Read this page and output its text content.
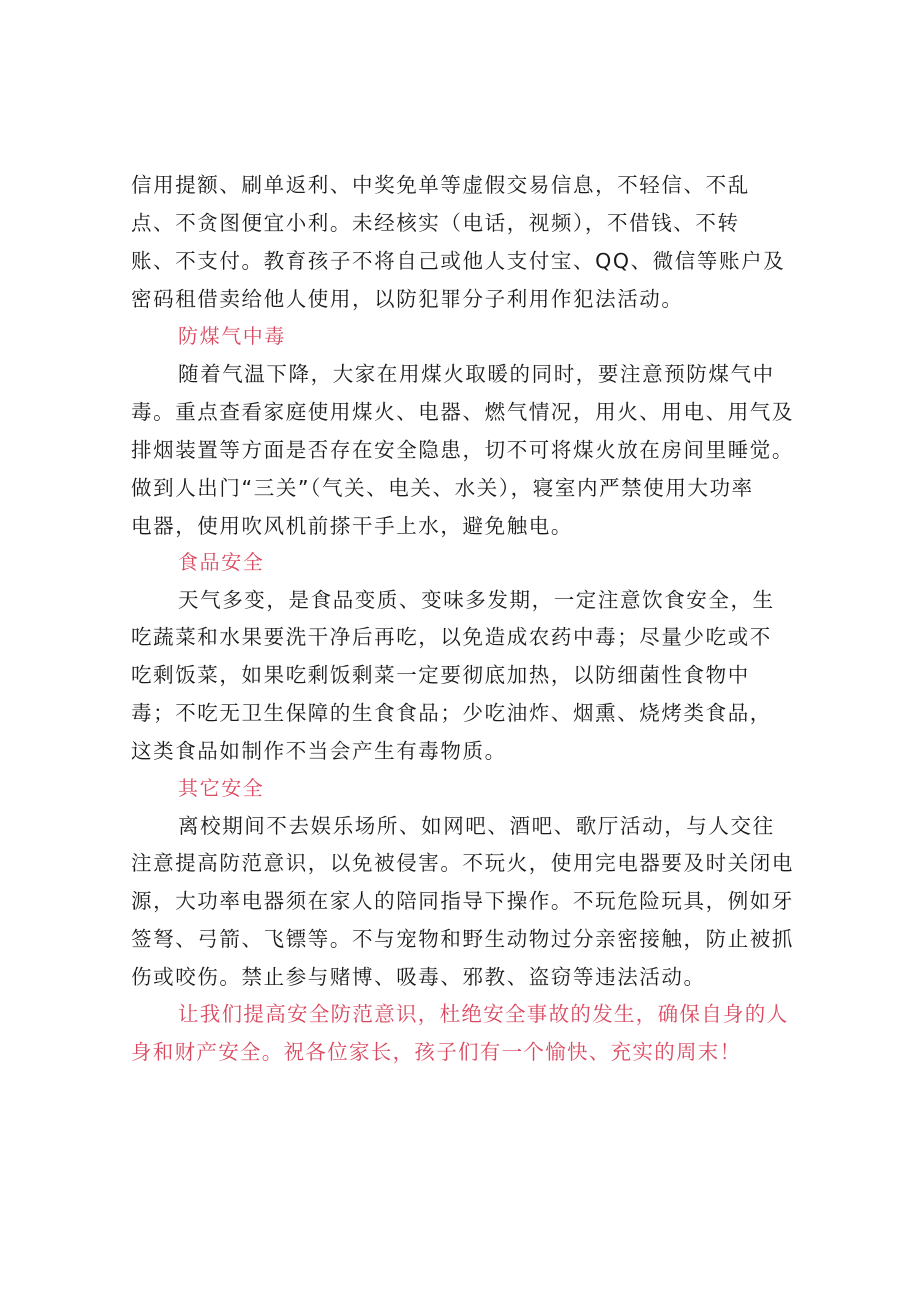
信用提额、刷单返利、中奖免单等虚假交易信息，不轻信、不乱
点、不贪图便宜小利。未经核实（电话，视频），不借钱、不转
账、不支付。教育孩子不将自己或他人支付宝、QQ、微信等账户及
密码租借卖给他人使用，以防犯罪分子利用作犯法活动。
防煤气中毒
随着气温下降，大家在用煤火取暖的同时，要注意预防煤气中
毒。重点查看家庭使用煤火、电器、燃气情况，用火、用电、用气及
排烟装置等方面是否存在安全隐患，切不可将煤火放在房间里睡觉。
做到人出门“三关”（气关、电关、水关），寝室内严禁使用大功率
电器，使用吹风机前搽干手上水，避免触电。
食品安全
天气多变，是食品变质、变味多发期，一定注意饮食安全，生
吃蔬菜和水果要洗干净后再吃，以免造成农药中毒；尽量少吃或不
吃剩饭菜，如果吃剩饭剩菜一定要彻底加热，以防细菌性食物中
毒；不吃无卫生保障的生食食品；少吃油炸、烟熏、烧烤类食品，
这类食品如制作不当会产生有毒物质。
其它安全
离校期间不去娱乐场所、如网吧、酒吧、歌厅活动，与人交往
注意提高防范意识，以免被侵害。不玩火，使用完电器要及时关闭电
源，大功率电器须在家人的陪同指导下操作。不玩危险玩具，例如牙
签弩、弓箭、飞镖等。不与宠物和野生动物过分亲密接触，防止被抓
伤或咬伤。禁止参与赌博、吸毒、邪教、盗窃等违法活动。
让我们提高安全防范意识，杜绝安全事故的发生，确保自身的人
身和财产安全。祝各位家长，孩子们有一个愉快、充实的周末！
